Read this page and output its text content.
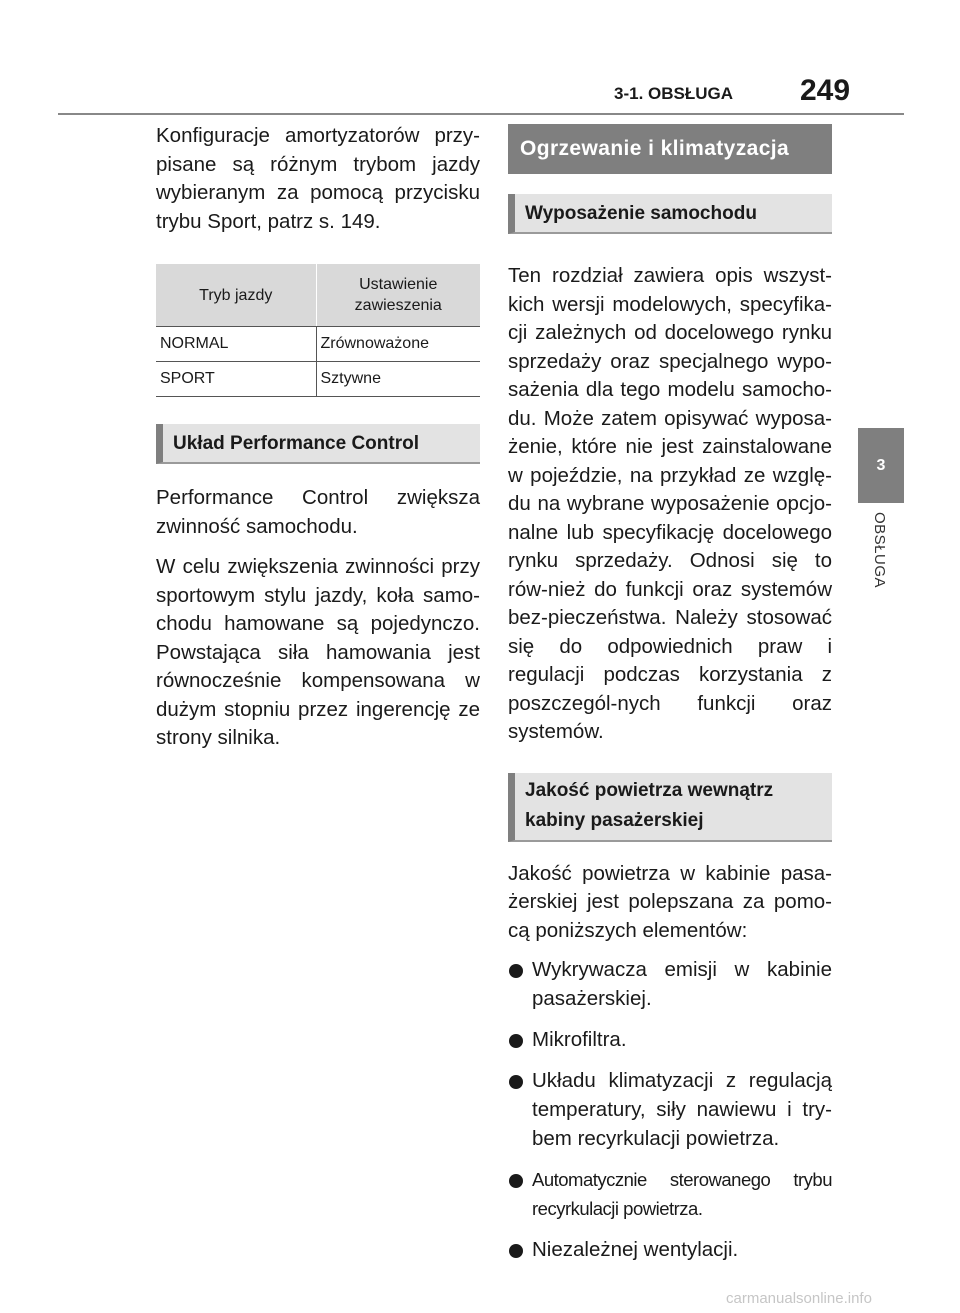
3-1. OBSŁUGA 249
3
OBSŁUGA

Konfiguracje amortyzatorów przy-pisane są różnym trybom jazdy wybieranym za pomocą przycisku trybu Sport, patrz s. 149.

Tryb jazdy	Ustawienie zawieszenia
NORMAL	Zrównoważone
SPORT	Sztywne
Układ Performance Control

Performance Control zwiększa zwinność samochodu.

W celu zwiększenia zwinności przy sportowym stylu jazdy, koła samo-chodu hamowane są pojedynczo. Powstająca siła hamowania jest równocześnie kompensowana w dużym stopniu przez ingerencję ze strony silnika.

Ogrzewanie i klimatyzacja
Wyposażenie samochodu

Ten rozdział zawiera opis wszyst-kich wersji modelowych, specyfika-cji zależnych od docelowego rynku sprzedaży oraz specjalnego wypo-sażenia dla tego modelu samocho-du. Może zatem opisywać wyposa-żenie, które nie jest zainstalowane w pojeździe, na przykład ze wzglę-du na wybrane wyposażenie opcjo-nalne lub specyfikację docelowego rynku sprzedaży. Odnosi się to rów-nież do funkcji oraz systemów bez-pieczeństwa. Należy stosować się do odpowiednich praw i regulacji podczas korzystania z poszczegól-nych funkcji oraz systemów.

Jakość powietrza wewnątrz kabiny pasażerskiej

Jakość powietrza w kabinie pasa-żerskiej jest polepszana za pomo-cą poniższych elementów:

Wykrywacza emisji w kabinie pasażerskiej.
Mikrofiltra.
Układu klimatyzacji z regulacją temperatury, siły nawiewu i try-bem recyrkulacji powietrza.
Automatycznie sterowanego trybu recyrkulacji powietrza.
Niezależnej wentylacji.
carmanualsonline.info
